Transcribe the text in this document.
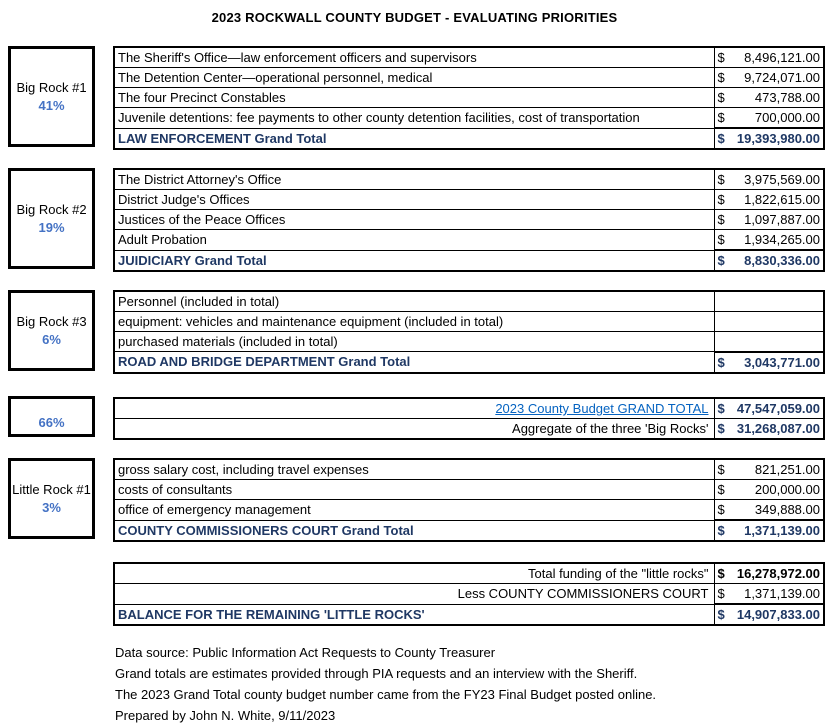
2023 ROCKWALL COUNTY BUDGET - EVALUATING PRIORITIES
Big Rock #1
41%
The Sheriff's Office—law enforcement officers and supervisors	$ 8,496,121.00

The Detention Center—operational personnel, medical	$ 9,724,071.00

The four Precinct Constables	$ 473,788.00

Juvenile detentions: fee payments to other county detention facilities, cost of transportation	$ 700,000.00

LAW ENFORCEMENT Grand Total	$ 19,393,980.00
Big Rock #2
19%
The District Attorney's Office	$ 3,975,569.00

District Judge's Offices	$ 1,822,615.00

Justices of the Peace Offices	$ 1,097,887.00

Adult Probation	$ 1,934,265.00

JUIDICIARY Grand Total	$ 8,830,336.00
Big Rock #3
6%
Personnel (included in total)	

equipment: vehicles and maintenance equipment (included in total)	

purchased materials (included in total)	

ROAD AND BRIDGE DEPARTMENT Grand Total	$ 3,043,771.00
66%
2023 County Budget GRAND TOTAL	$ 47,547,059.00

Aggregate of the three 'Big Rocks'	$ 31,268,087.00
Little Rock #1
3%
gross salary cost, including travel expenses	$ 821,251.00

costs of consultants	$ 200,000.00

office of emergency management	$ 349,888.00

COUNTY COMMISSIONERS COURT Grand Total	$ 1,371,139.00
Total funding of the "little rocks"	$ 16,278,972.00

Less COUNTY COMMISSIONERS COURT	$ 1,371,139.00

BALANCE FOR THE REMAINING 'LITTLE ROCKS'	$ 14,907,833.00
Data source: Public Information Act Requests to County Treasurer
Grand totals are estimates provided through PIA requests and an interview with the Sheriff.
The 2023 Grand Total county budget number came from the FY23 Final Budget posted online.
Prepared by John N. White, 9/11/2023
